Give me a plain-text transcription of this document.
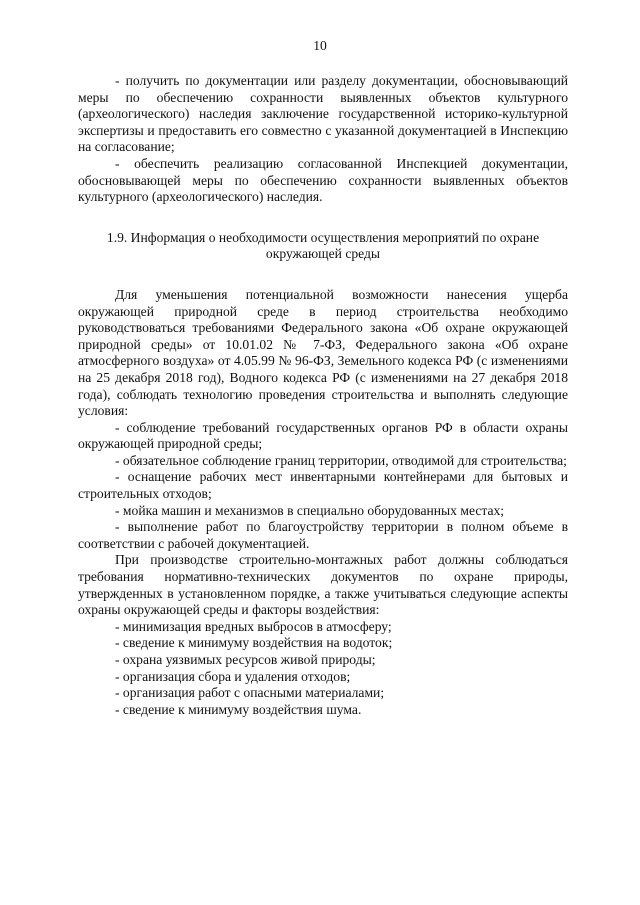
10

- получить по документации или разделу документации, обосновывающий меры по обеспечению сохранности выявленных объектов культурного (археологического) наследия заключение государственной историко-культурной экспертизы и предоставить его совместно с указанной документацией в Инспекцию на согласование;

- обеспечить реализацию согласованной Инспекцией документации, обосновывающей меры по обеспечению сохранности выявленных объектов культурного (археологического) наследия.

1.9. Информация о необходимости осуществления мероприятий по охране окружающей среды

Для уменьшения потенциальной возможности нанесения ущерба окружающей природной среде в период строительства необходимо руководствоваться требованиями Федерального закона «Об охране окружающей природной среды» от 10.01.02 № 7-ФЗ, Федерального закона «Об охране атмосферного воздуха» от 4.05.99 № 96-ФЗ, Земельного кодекса РФ (с изменениями на 25 декабря 2018 год), Водного кодекса РФ (с изменениями на 27 декабря 2018 года), соблюдать технологию проведения строительства и выполнять следующие условия:

- соблюдение требований государственных органов РФ в области охраны окружающей природной среды;

- обязательное соблюдение границ территории, отводимой для строительства;

- оснащение рабочих мест инвентарными контейнерами для бытовых и строительных отходов;

- мойка машин и механизмов в специально оборудованных местах;

- выполнение работ по благоустройству территории в полном объеме в соответствии с рабочей документацией.

При производстве строительно-монтажных работ должны соблюдаться требования нормативно-технических документов по охране природы, утвержденных в установленном порядке, а также учитываться следующие аспекты охраны окружающей среды и факторы воздействия:

- минимизация вредных выбросов в атмосферу;

- сведение к минимуму воздействия на водоток;

- охрана уязвимых ресурсов живой природы;

- организация сбора и удаления отходов;

- организация работ с опасными материалами;

- сведение к минимуму воздействия шума.
